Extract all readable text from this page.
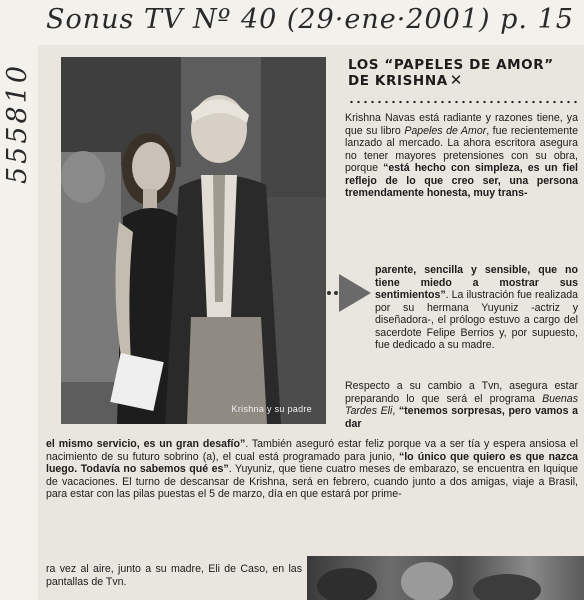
Sonus TV Nº 40 (29·ene·2001) p. 15
555810
Krishna y su padre
LOS “PAPELES DE AMOR”
DE KRISHNA ✕

Krishna Navas está radiante y razones tiene, ya que su libro Papeles de Amor, fue recientemente lanzado al mercado. La ahora escritora asegura no tener mayores pretensiones con su obra, porque “está hecho con simpleza, es un fiel reflejo de lo que creo ser, una persona tremendamente honesta, muy trans-

parente, sencilla y sensible, que no tiene miedo a mostrar sus sentimientos”. La ilustración fue realizada por su hermana Yuyuniz -actriz y diseñadora-, el prólogo estuvo a cargo del sacerdote Felipe Berrios y, por supuesto, fue dedicado a su madre.

Respecto a su cambio a Tvn, asegura estar preparando lo que será el programa Buenas Tardes Eli, “tenemos sorpresas, pero vamos a dar

el mismo servicio, es un gran desafío”. También aseguró estar feliz porque va a ser tía y espera ansiosa el nacimiento de su futuro sobrino (a), el cual está programado para junio, “lo único que quiero es que nazca luego. Todavía no sabemos qué es”. Yuyuniz, que tiene cuatro meses de embarazo, se encuentra en Iquique de vacaciones. El turno de descansar de Krishna, será en febrero, cuando junto a dos amigas, viaje a Brasil, para estar con las pilas puestas el 5 de marzo, día en que estará por prime-

ra vez al aire, junto a su madre, Eli de Caso, en las pantallas de Tvn.
